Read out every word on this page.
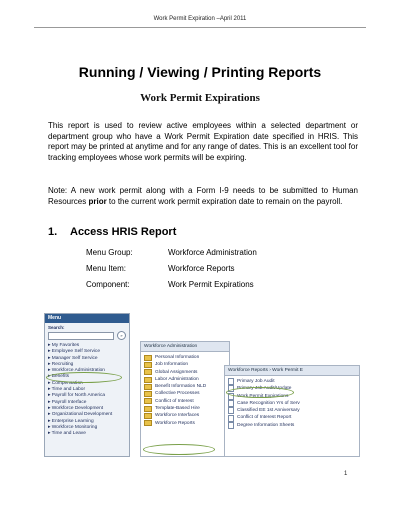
Work Permit Expiration –April 2011
Running / Viewing / Printing Reports
Work Permit Expirations

This report is used to review active employees within a selected department or department group who have a Work Permit Expiration date specified in HRIS. This report may be printed at anytime and for any range of dates. This is an excellent tool for tracking employees whose work permits will be expiring.

Note: A new work permit along with a Form I-9 needs to be submitted to Human Resources prior to the current work permit expiration date to remain on the payroll.

1. Access HRIS Report
Menu Group:	Workforce Administration
Menu Item:	Workforce Reports
Component:	Work Permit Expirations
Menu
Search:
»
▸ My Favorites
▸ Employee Self Service
▸ Manager Self Service
▸ Recruiting
▸ Workforce Administration
▸ Benefits
▸ Compensation
▸ Time and Labor
▸ Payroll for North America
▸ Payroll Interface
▸ Workforce Development
▸ Organizational Development
▸ Enterprise Learning
▸ Workforce Monitoring
▸ Time and Leave
Workforce Administration
Personal Information
Job Information
Global Assignments
Labor Administration
Benefit Information NLD
Collective Processes
Conflict of Interest
Template-Based Hire
Workforce Interfaces
Workforce Reports
Workforce Reports › Work Permit E
Primary Job Audit
Primary Job Audit/Update
Work Permit Expirations
Case Recognition Yrs of Serv
Classified EE 1st Anniversary
Conflict of Interest Report
Degree Information Sheets
1
